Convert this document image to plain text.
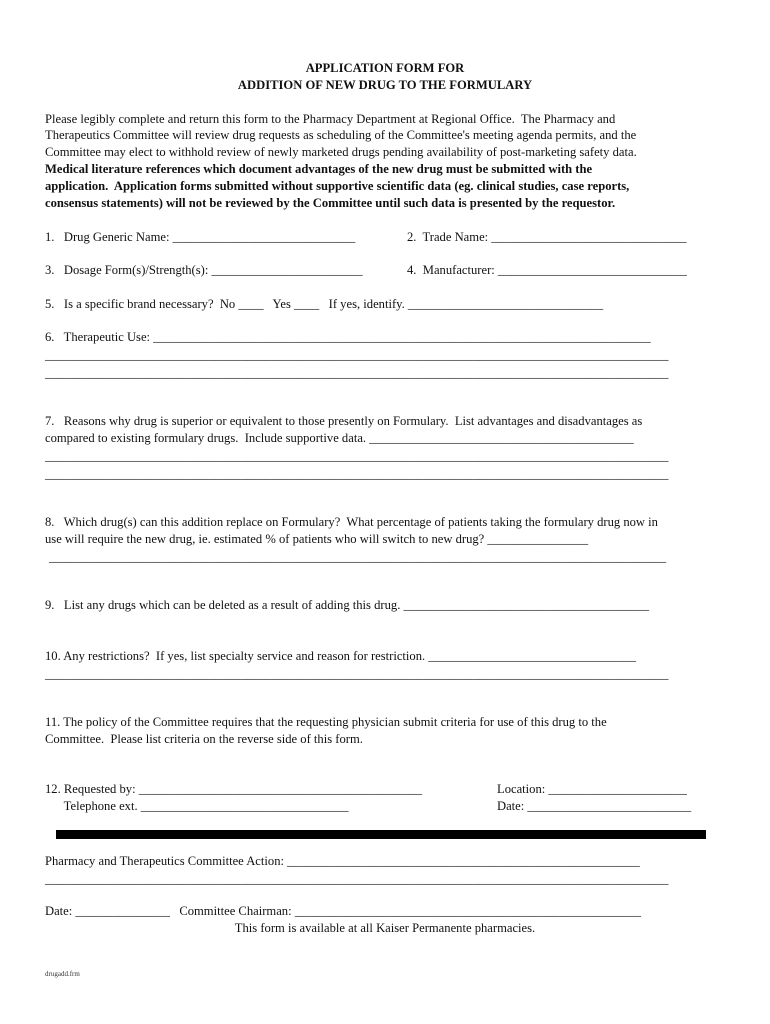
APPLICATION FORM FOR
ADDITION OF NEW DRUG TO THE FORMULARY
Please legibly complete and return this form to the Pharmacy Department at Regional Office.  The Pharmacy and
Therapeutics Committee will review drug requests as scheduling of the Committee's meeting agenda permits, and the
Committee may elect to withhold review of newly marketed drugs pending availability of post-marketing safety data.
Medical literature references which document advantages of the new drug must be submitted with the
application.  Application forms submitted without supportive scientific data (eg. clinical studies, case reports,
consensus statements) will not be reviewed by the Committee until such data is presented by the requestor.
1.   Drug Generic Name: _____________________________	2.  Trade Name: _______________________________
3.   Dosage Form(s)/Strength(s): ________________________	4.  Manufacturer: ______________________________
5.   Is a specific brand necessary?  No ____   Yes ____   If yes, identify. _______________________________
6.   Therapeutic Use: _______________________________________________________________________________
___________________________________________________________________________________________________
___________________________________________________________________________________________________
7.   Reasons why drug is superior or equivalent to those presently on Formulary.  List advantages and disadvantages as
compared to existing formulary drugs.  Include supportive data. __________________________________________
___________________________________________________________________________________________________
___________________________________________________________________________________________________
8.   Which drug(s) can this addition replace on Formulary?  What percentage of patients taking the formulary drug now in
use will require the new drug, ie. estimated % of patients who will switch to new drug? ________________
__________________________________________________________________________________________________
9.   List any drugs which can be deleted as a result of adding this drug. _______________________________________
10. Any restrictions?  If yes, list specialty service and reason for restriction. _________________________________
___________________________________________________________________________________________________
11. The policy of the Committee requires that the requesting physician submit criteria for use of this drug to the
Committee.  Please list criteria on the reverse side of this form.
12. Requested by: _____________________________________________
Telephone ext. _________________________________
Location: ______________________
Date: __________________________
Pharmacy and Therapeutics Committee Action: ________________________________________________________
___________________________________________________________________________________________________
Date: _______________   Committee Chairman: _______________________________________________________
This form is available at all Kaiser Permanente pharmacies.
drugadd.frm
